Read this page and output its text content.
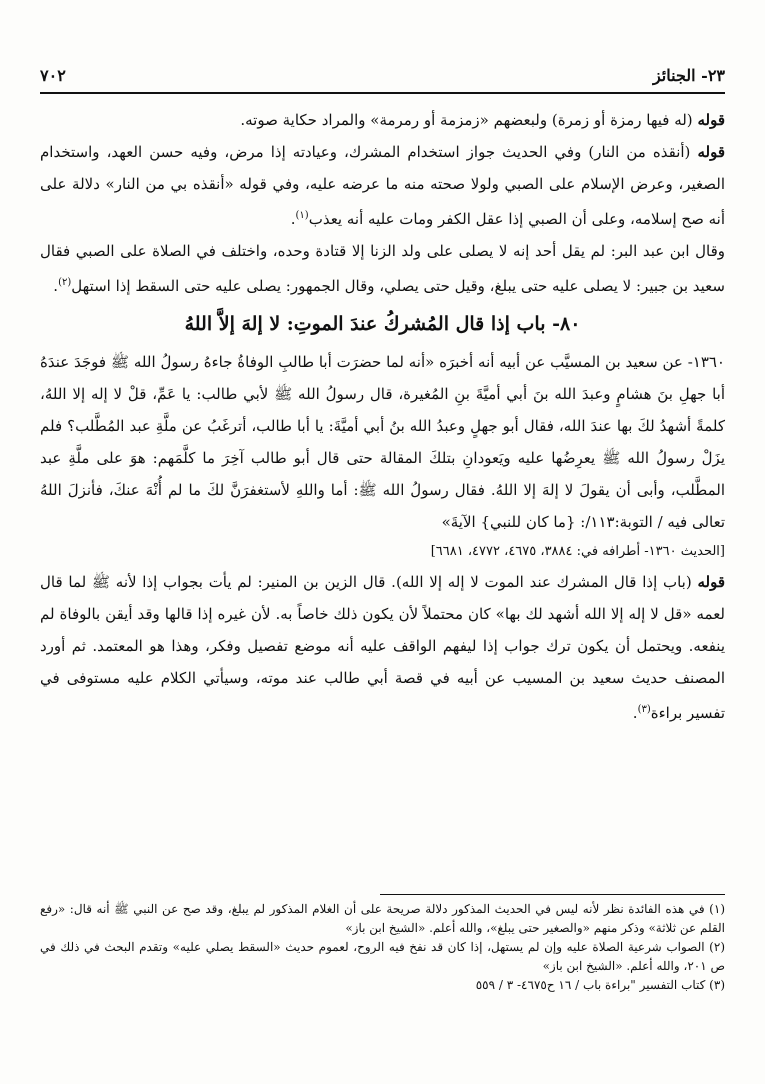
٢٣- الجنائز
٧٠٢

قوله (له فيها رمزة أو زمرة) ولبعضهم «زمزمة أو رمرمة» والمراد حكاية صوته.

قوله (أنقذه من النار) وفي الحديث جواز استخدام المشرك، وعيادته إذا مرض، وفيه حسن العهد، واستخدام الصغير، وعرض الإسلام على الصبي ولولا صحته منه ما عرضه عليه، وفي قوله «أنقذه بي من النار» دلالة على أنه صح إسلامه، وعلى أن الصبي إذا عقل الكفر ومات عليه أنه يعذب$^{(١)}$.

وقال ابن عبد البر: لم يقل أحد إنه لا يصلى على ولد الزنا إلا قتادة وحده، واختلف في الصلاة على الصبي فقال سعيد بن جبير: لا يصلى عليه حتى يبلغ، وقيل حتى يصلي، وقال الجمهور: يصلى عليه حتى السقط إذا استهل$^{(٢)}$.

٨٠- باب إذا قال المُشركُ عندَ الموتِ: لا إلهَ إلاَّ اللهُ

١٣٦٠- عن سعيد بن المسيَّب عن أبيه أنه أخبرَه «أنه لما حضرَت أبا طالبِ الوفاةُ جاءهُ رسولُ الله ﷺ فوجَدَ عندَهُ أبا جهلِ بنَ هشامٍ وعبدَ الله بنَ أبي أميَّةَ بنِ المُغيرة، قال رسولُ الله ﷺ لأبي طالب: يا عَمِّ، قلْ لا إله إلا اللهُ، كلمةً أشهدُ لكَ بها عندَ الله، فقال أبو جهلٍ وعبدُ الله بنُ أبي أميَّةَ: يا أبا طالب، أترغَبُ عن ملَّةِ عبد المُطَّلب؟ فلم يزَلْ رسولُ الله ﷺ يعرِضُها عليه ويَعودانِ بتلكَ المقالة حتى قال أبو طالب آخِرَ ما كلَّمَهم: هوَ على ملَّةِ عبد المطَّلب، وأبى أن يقولَ لا إلهَ إلا اللهُ. فقال رسولُ الله ﷺ: أما واللهِ لأستغفرَنَّ لكَ ما لم أُنْهَ عنكَ، فأنزلَ اللهُ تعالى فيه / التوبة:١١٣/: {ما كان للنبي} الآيةَ»

[الحديث ١٣٦٠- أطرافه في: ٣٨٨٤، ٤٦٧٥، ٤٧٧٢، ٦٦٨١]

قوله (باب إذا قال المشرك عند الموت لا إله إلا الله). قال الزين بن المنير: لم يأت بجواب إذا لأنه ﷺ لما قال لعمه «قل لا إله إلا الله أشهد لك بها» كان محتملاً لأن يكون ذلك خاصاً به. لأن غيره إذا قالها وقد أيقن بالوفاة لم ينفعه. ويحتمل أن يكون ترك جواب إذا ليفهم الواقف عليه أنه موضع تفصيل وفكر، وهذا هو المعتمد. ثم أورد المصنف حديث سعيد بن المسيب عن أبيه في قصة أبي طالب عند موته، وسيأتي الكلام عليه مستوفى في تفسير براءة$^{(٣)}$.

(١) في هذه الفائدة نظر لأنه ليس في الحديث المذكور دلالة صريحة على أن الغلام المذكور لم يبلغ، وقد صح عن النبي ﷺ أنه قال: «رفع القلم عن ثلاثة» وذكر منهم «والصغير حتى يبلغ»، والله أعلم. «الشيخ ابن باز»

(٢) الصواب شرعية الصلاة عليه وإن لم يستهل، إذا كان قد نفخ فيه الروح، لعموم حديث «السقط يصلي عليه» وتقدم البحث في ذلك في ص ٢٠١، والله أعلم. «الشيخ ابن باز»

(٣) كتاب التفسير "براءة باب / ١٦ ح٤٦٧٥- ٣ / ٥٥٩
